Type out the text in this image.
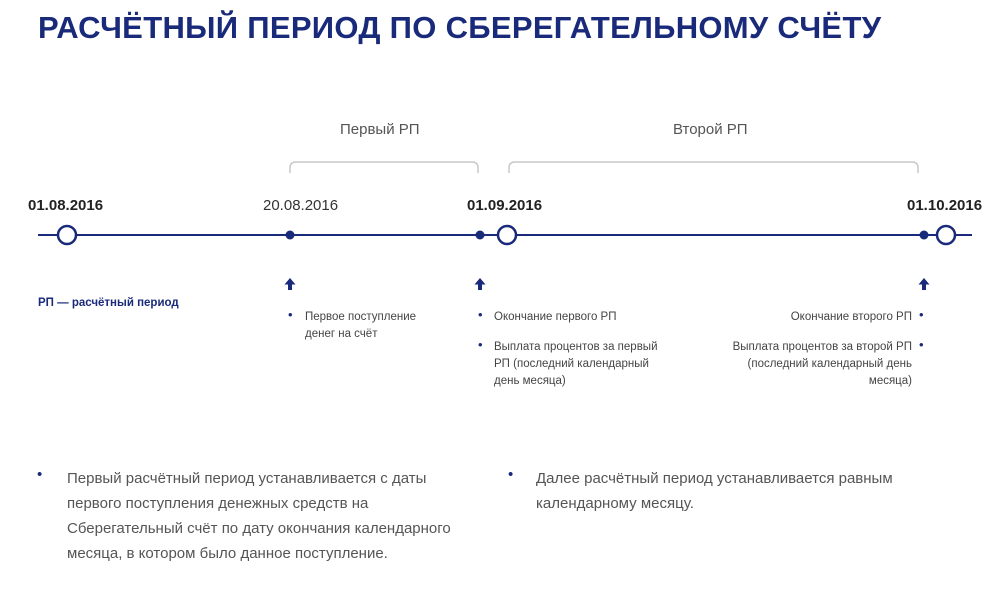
РАСЧЁТНЫЙ ПЕРИОД ПО СБЕРЕГАТЕЛЬНОМУ СЧЁТУ
Первый РП	Второй РП
01.08.2016	20.08.2016	01.09.2016	01.10.2016
РП — расчётный период
• Первое поступление денег на счёт
• Окончание первого РП
• Выплата процентов за первый РП (последний календарный день месяца)
Окончание второго РП •
Выплата процентов за второй РП (последний календарный день месяца)
•
• Первый расчётный период устанавливается с даты первого поступления денежных средств на Сберегательный счёт по дату окончания календарного месяца, в котором было данное поступление.
• Далее расчётный период устанавливается равным календарному месяцу.
